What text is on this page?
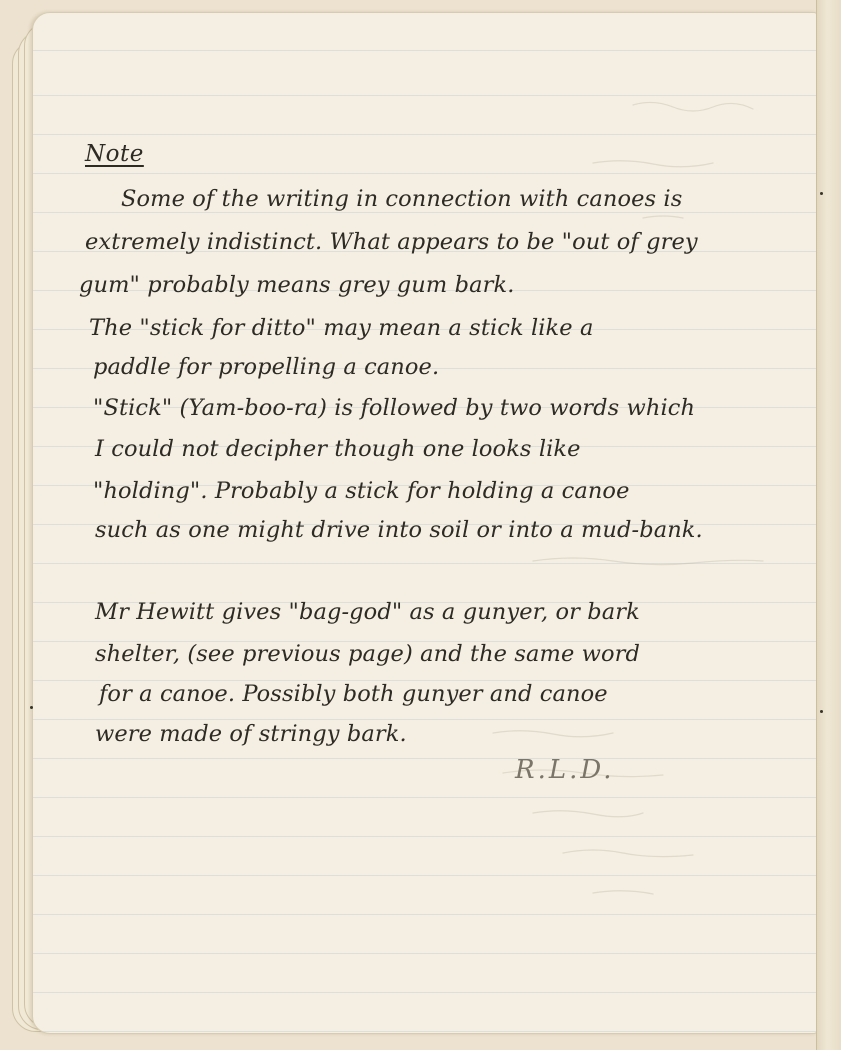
Note
Some of the writing in connection with canoes is
extremely indistinct. What appears to be "out of grey
gum" probably means grey gum bark.
The "stick for ditto" may mean a stick like a
paddle for propelling a canoe.
"Stick" (Yam-boo-ra) is followed by two words which
I could not decipher though one looks like
"holding". Probably a stick for holding a canoe
such as one might drive into soil or into a mud-bank.
Mr Hewitt gives "bag-god" as a gunyer, or bark
shelter, (see previous page) and the same word
for a canoe. Possibly both gunyer and canoe
were made of stringy bark.
R.L.D.
